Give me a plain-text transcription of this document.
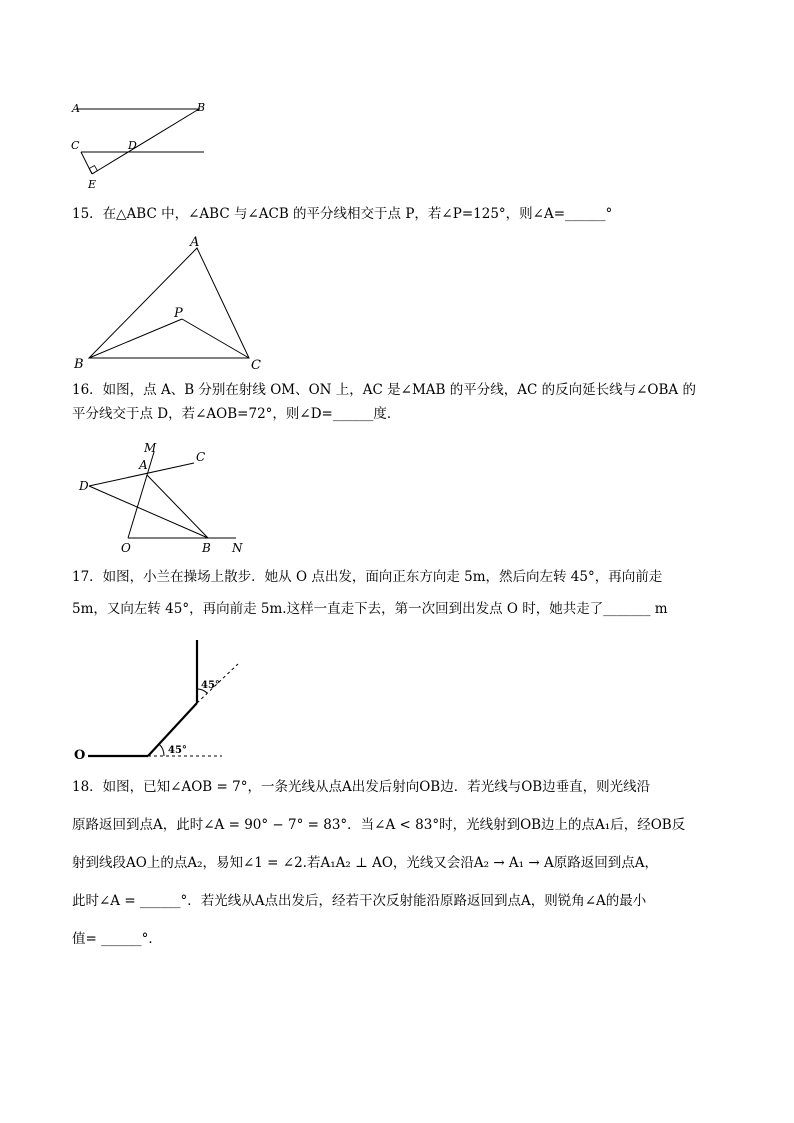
A	B
C	D
E

15．在△ABC 中，∠ABC 与∠ACB 的平分线相交于点 P，若∠P=125°，则∠A=______°

A
P
B	C

16．如图，点 A、B 分别在射线 OM、ON 上，AC 是∠MAB 的平分线，AC 的反向延长线与∠OBA 的
平分线交于点 D，若∠AOB=72°，则∠D=______度．

M
A
C
D
O	B N

17．如图，小兰在操场上散步．她从 O 点出发，面向正东方向走 5m，然后向左转 45°，再向前走
5m，又向左转 45°，再向前走 5m.这样一直走下去，第一次回到出发点 O 时，她共走了_______ m

O	45°
45°
18．如图，已知∠AOB = 7°，一条光线从点A出发后射向OB边．若光线与OB边垂直，则光线沿
原路返回到点A，此时∠A = 90° − 7° = 83°．当∠A < 83°时，光线射到OB边上的点A₁后，经OB反
射到线段AO上的点A₂，易知∠1 = ∠2.若A₁A₂ ⊥ AO，光线又会沿A₂ → A₁ → A原路返回到点A，
此时∠A = ______°．若光线从A点出发后，经若干次反射能沿原路返回到点A，则锐角∠A的最小
值= ______°．
